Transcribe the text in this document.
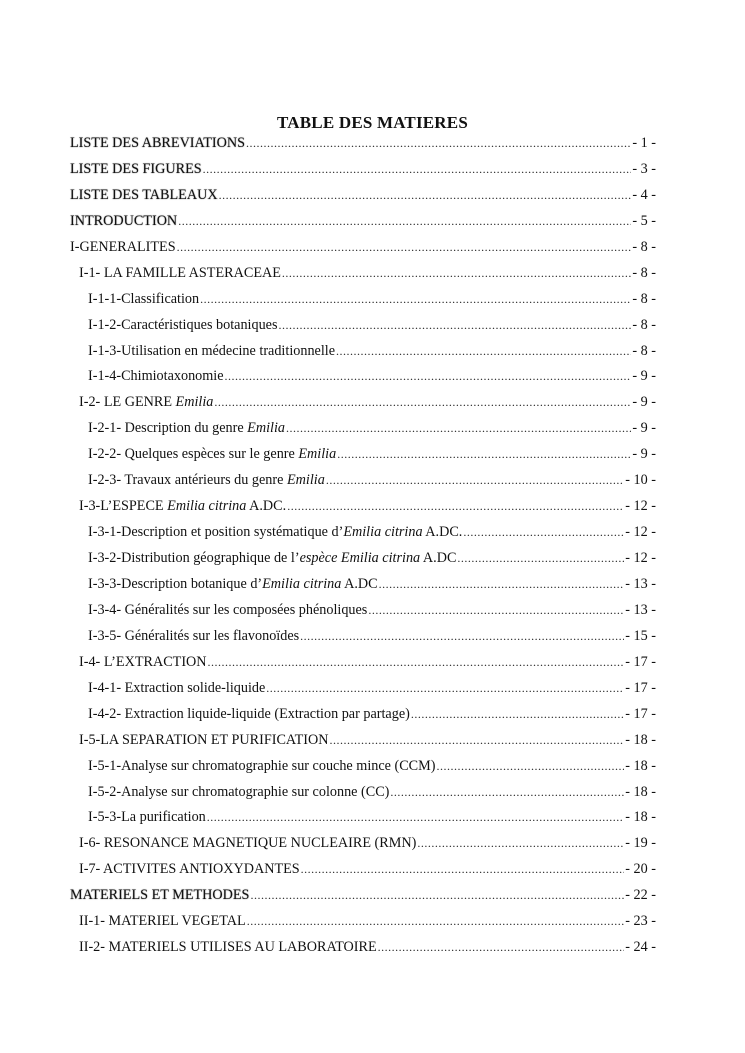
TABLE DES MATIERES
LISTE DES ABREVIATIONS .....	- 1 -
LISTE DES FIGURES .....	- 3 -
LISTE DES TABLEAUX .....	- 4 -
INTRODUCTION .....	- 5 -
I-GENERALITES .....	- 8 -
I-1- LA FAMILLE ASTERACEAE .....	- 8 -
I-1-1-Classification .....	- 8 -
I-1-2-Caractéristiques botaniques .....	- 8 -
I-1-3-Utilisation en médecine traditionnelle .....	- 8 -
I-1-4-Chimiotaxonomie .....	- 9 -
I-2- LE GENRE Emilia .....	- 9 -
I-2-1- Description du genre Emilia .....	- 9 -
I-2-2- Quelques espèces sur le genre Emilia .....	- 9 -
I-2-3- Travaux antérieurs du genre Emilia .....	- 10 -
I-3-L’ESPECE Emilia citrina A.DC. .....	- 12 -
I-3-1-Description et position systématique d’Emilia citrina A.DC. .....	- 12 -
I-3-2-Distribution géographique de l’espèce Emilia citrina A.DC .....	- 12 -
I-3-3-Description botanique d’Emilia citrina A.DC .....	- 13 -
I-3-4- Généralités sur les composées phénoliques .....	- 13 -
I-3-5- Généralités sur les flavonoïdes .....	- 15 -
I-4- L’EXTRACTION .....	- 17 -
I-4-1- Extraction solide-liquide .....	- 17 -
I-4-2- Extraction liquide-liquide (Extraction par partage) .....	- 17 -
I-5-LA SEPARATION ET PURIFICATION .....	- 18 -
I-5-1-Analyse sur chromatographie sur couche mince (CCM) .....	- 18 -
I-5-2-Analyse sur chromatographie sur colonne (CC) .....	- 18 -
I-5-3-La purification .....	- 18 -
I-6- RESONANCE MAGNETIQUE NUCLEAIRE (RMN) .....	- 19 -
I-7- ACTIVITES ANTIOXYDANTES .....	- 20 -
MATERIELS ET METHODES .....	- 22 -
II-1- MATERIEL VEGETAL .....	- 23 -
II-2- MATERIELS UTILISES AU LABORATOIRE .....	- 24 -
